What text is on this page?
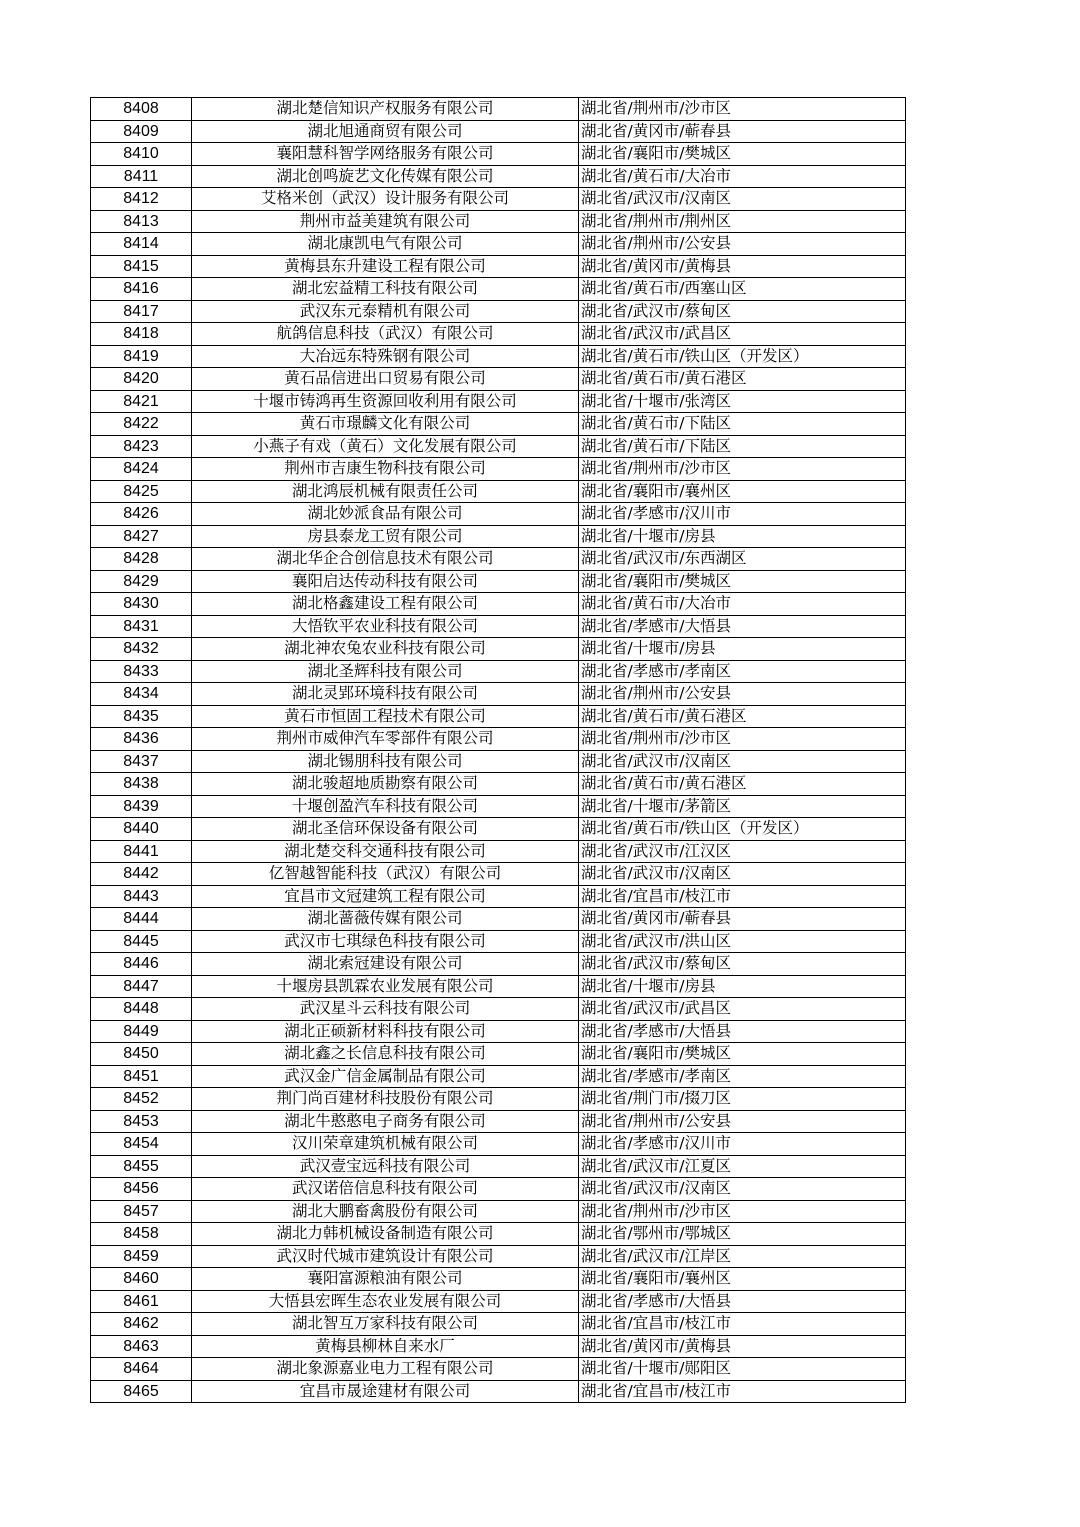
8408	湖北楚信知识产权服务有限公司	湖北省/荆州市/沙市区
8409	湖北旭通商贸有限公司	湖北省/黄冈市/蕲春县
8410	襄阳慧科智学网络服务有限公司	湖北省/襄阳市/樊城区
8411	湖北创鸣旋艺文化传媒有限公司	湖北省/黄石市/大冶市
8412	艾格米创（武汉）设计服务有限公司	湖北省/武汉市/汉南区
8413	荆州市益美建筑有限公司	湖北省/荆州市/荆州区
8414	湖北康凯电气有限公司	湖北省/荆州市/公安县
8415	黄梅县东升建设工程有限公司	湖北省/黄冈市/黄梅县
8416	湖北宏益精工科技有限公司	湖北省/黄石市/西塞山区
8417	武汉东元泰精机有限公司	湖北省/武汉市/蔡甸区
8418	航鸽信息科技（武汉）有限公司	湖北省/武汉市/武昌区
8419	大冶远东特殊钢有限公司	湖北省/黄石市/铁山区（开发区）
8420	黄石品信进出口贸易有限公司	湖北省/黄石市/黄石港区
8421	十堰市铸鸿再生资源回收利用有限公司	湖北省/十堰市/张湾区
8422	黄石市璟麟文化有限公司	湖北省/黄石市/下陆区
8423	小燕子有戏（黄石）文化发展有限公司	湖北省/黄石市/下陆区
8424	荆州市吉康生物科技有限公司	湖北省/荆州市/沙市区
8425	湖北鸿辰机械有限责任公司	湖北省/襄阳市/襄州区
8426	湖北妙派食品有限公司	湖北省/孝感市/汉川市
8427	房县泰龙工贸有限公司	湖北省/十堰市/房县
8428	湖北华企合创信息技术有限公司	湖北省/武汉市/东西湖区
8429	襄阳启达传动科技有限公司	湖北省/襄阳市/樊城区
8430	湖北格鑫建设工程有限公司	湖北省/黄石市/大冶市
8431	大悟钦平农业科技有限公司	湖北省/孝感市/大悟县
8432	湖北神农兔农业科技有限公司	湖北省/十堰市/房县
8433	湖北圣辉科技有限公司	湖北省/孝感市/孝南区
8434	湖北灵郢环境科技有限公司	湖北省/荆州市/公安县
8435	黄石市恒固工程技术有限公司	湖北省/黄石市/黄石港区
8436	荆州市威伸汽车零部件有限公司	湖北省/荆州市/沙市区
8437	湖北锡朋科技有限公司	湖北省/武汉市/汉南区
8438	湖北骏超地质勘察有限公司	湖北省/黄石市/黄石港区
8439	十堰创盈汽车科技有限公司	湖北省/十堰市/茅箭区
8440	湖北圣信环保设备有限公司	湖北省/黄石市/铁山区（开发区）
8441	湖北楚交科交通科技有限公司	湖北省/武汉市/江汉区
8442	亿智越智能科技（武汉）有限公司	湖北省/武汉市/汉南区
8443	宜昌市文冠建筑工程有限公司	湖北省/宜昌市/枝江市
8444	湖北蔷薇传媒有限公司	湖北省/黄冈市/蕲春县
8445	武汉市七琪绿色科技有限公司	湖北省/武汉市/洪山区
8446	湖北索冠建设有限公司	湖北省/武汉市/蔡甸区
8447	十堰房县凯霖农业发展有限公司	湖北省/十堰市/房县
8448	武汉星斗云科技有限公司	湖北省/武汉市/武昌区
8449	湖北正硕新材料科技有限公司	湖北省/孝感市/大悟县
8450	湖北鑫之长信息科技有限公司	湖北省/襄阳市/樊城区
8451	武汉金广信金属制品有限公司	湖北省/孝感市/孝南区
8452	荆门尚百建材科技股份有限公司	湖北省/荆门市/掇刀区
8453	湖北牛憨憨电子商务有限公司	湖北省/荆州市/公安县
8454	汉川荣章建筑机械有限公司	湖北省/孝感市/汉川市
8455	武汉壹宝远科技有限公司	湖北省/武汉市/江夏区
8456	武汉诺倍信息科技有限公司	湖北省/武汉市/汉南区
8457	湖北大鹏畜禽股份有限公司	湖北省/荆州市/沙市区
8458	湖北力韩机械设备制造有限公司	湖北省/鄂州市/鄂城区
8459	武汉时代城市建筑设计有限公司	湖北省/武汉市/江岸区
8460	襄阳富源粮油有限公司	湖北省/襄阳市/襄州区
8461	大悟县宏晖生态农业发展有限公司	湖北省/孝感市/大悟县
8462	湖北智互万家科技有限公司	湖北省/宜昌市/枝江市
8463	黄梅县柳林自来水厂	湖北省/黄冈市/黄梅县
8464	湖北象源嘉业电力工程有限公司	湖北省/十堰市/郧阳区
8465	宜昌市晟途建材有限公司	湖北省/宜昌市/枝江市
